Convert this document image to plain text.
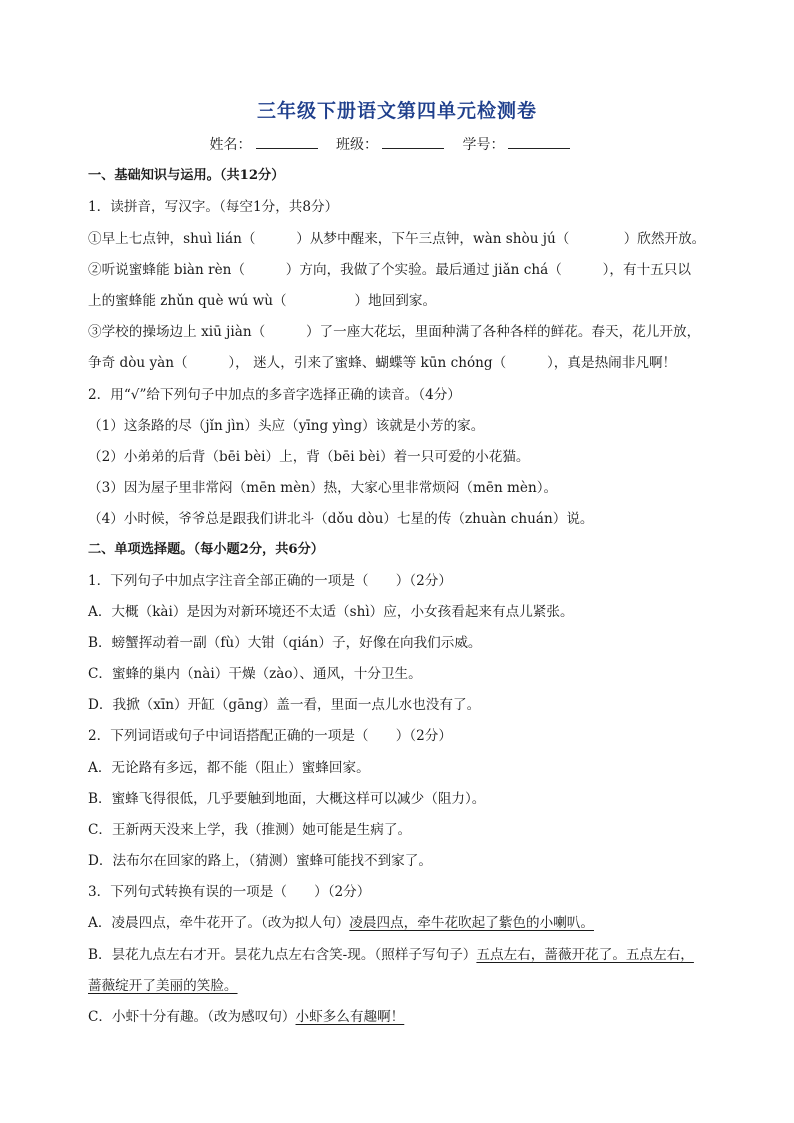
三年级下册语文第四单元检测卷
姓名：	班级：	学号：
一、基础知识与运用。（共12分）
1．读拼音，写汉字。（每空1分，共8分）
①早上七点钟，shuì lián（　　　）从梦中醒来，下午三点钟，wàn shòu jú（　　　　）欣然开放。
②听说蜜蜂能 biàn rèn（　　　）方向，我做了个实验。最后通过 jiǎn chá（　　　），有十五只以
上的蜜蜂能 zhǔn què wú wù（　　　　　）地回到家。
③学校的操场边上 xiū jiàn（　　　）了一座大花坛，里面种满了各种各样的鲜花。春天，花儿开放，
争奇 dòu yàn（　　　）， 迷人，引来了蜜蜂、蝴蝶等 kūn chóng（　　　），真是热闹非凡啊！
2．用“√”给下列句子中加点的多音字选择正确的读音。（4分）
（1）这条路的尽（jǐn jìn）头应（yīng yìng）该就是小芳的家。
（2）小弟弟的后背（bēi bèi）上，背（bēi bèi）着一只可爱的小花猫。
（3）因为屋子里非常闷（mēn mèn）热，大家心里非常烦闷（mēn mèn）。
（4）小时候，爷爷总是跟我们讲北斗（dǒu dòu）七星的传（zhuàn chuán）说。
二、单项选择题。（每小题2分，共6分）
1．下列句子中加点字注音全部正确的一项是（　　）（2分）
A．大概（kài）是因为对新环境还不太适（shì）应，小女孩看起来有点儿紧张。
B．螃蟹挥动着一副（fù）大钳（qián）子，好像在向我们示威。
C．蜜蜂的巢内（nài）干燥（zào）、通风，十分卫生。
D．我掀（xīn）开缸（gāng）盖一看，里面一点儿水也没有了。
2．下列词语或句子中词语搭配正确的一项是（　　）（2分）
A．无论路有多远，都不能（阻止）蜜蜂回家。
B．蜜蜂飞得很低，几乎要触到地面，大概这样可以减少（阻力）。
C．王新两天没来上学，我（推测）她可能是生病了。
D．法布尔在回家的路上，（猜测）蜜蜂可能找不到家了。
3．下列句式转换有误的一项是（　　）（2分）
A．凌晨四点，牵牛花开了。（改为拟人句）凌晨四点，牵牛花吹起了紫色的小喇叭。
B．昙花九点左右才开。昙花九点左右含笑-现。（照样子写句子）五点左右，蔷薇开花了。五点左右，
蔷薇绽开了美丽的笑脸。
C．小虾十分有趣。（改为感叹句）小虾多么有趣啊！
